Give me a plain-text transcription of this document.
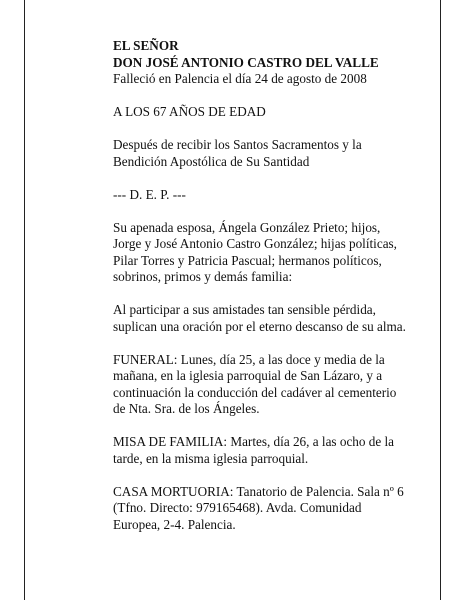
EL SEÑOR

DON JOSÉ ANTONIO CASTRO DEL VALLE

Falleció en Palencia el día 24 de agosto de 2008

A LOS 67 AÑOS DE EDAD

Después de recibir los Santos Sacramentos y la

Bendición Apostólica de Su Santidad

--- D. E. P. ---

Su apenada esposa, Ángela González Prieto; hijos,

Jorge y José Antonio Castro González; hijas políticas,

Pilar Torres y Patricia Pascual; hermanos políticos,

sobrinos, primos y demás familia:

Al participar a sus amistades tan sensible pérdida,

suplican una oración por el eterno descanso de su alma.

FUNERAL: Lunes, día 25, a las doce y media de la

mañana, en la iglesia parroquial de San Lázaro, y a

continuación la conducción del cadáver al cementerio

de Nta. Sra. de los Ángeles.

MISA DE FAMILIA: Martes, día 26, a las ocho de la

tarde, en la misma iglesia parroquial.

CASA MORTUORIA: Tanatorio de Palencia. Sala nº 6

(Tfno. Directo: 979165468). Avda. Comunidad

Europea, 2-4. Palencia.
